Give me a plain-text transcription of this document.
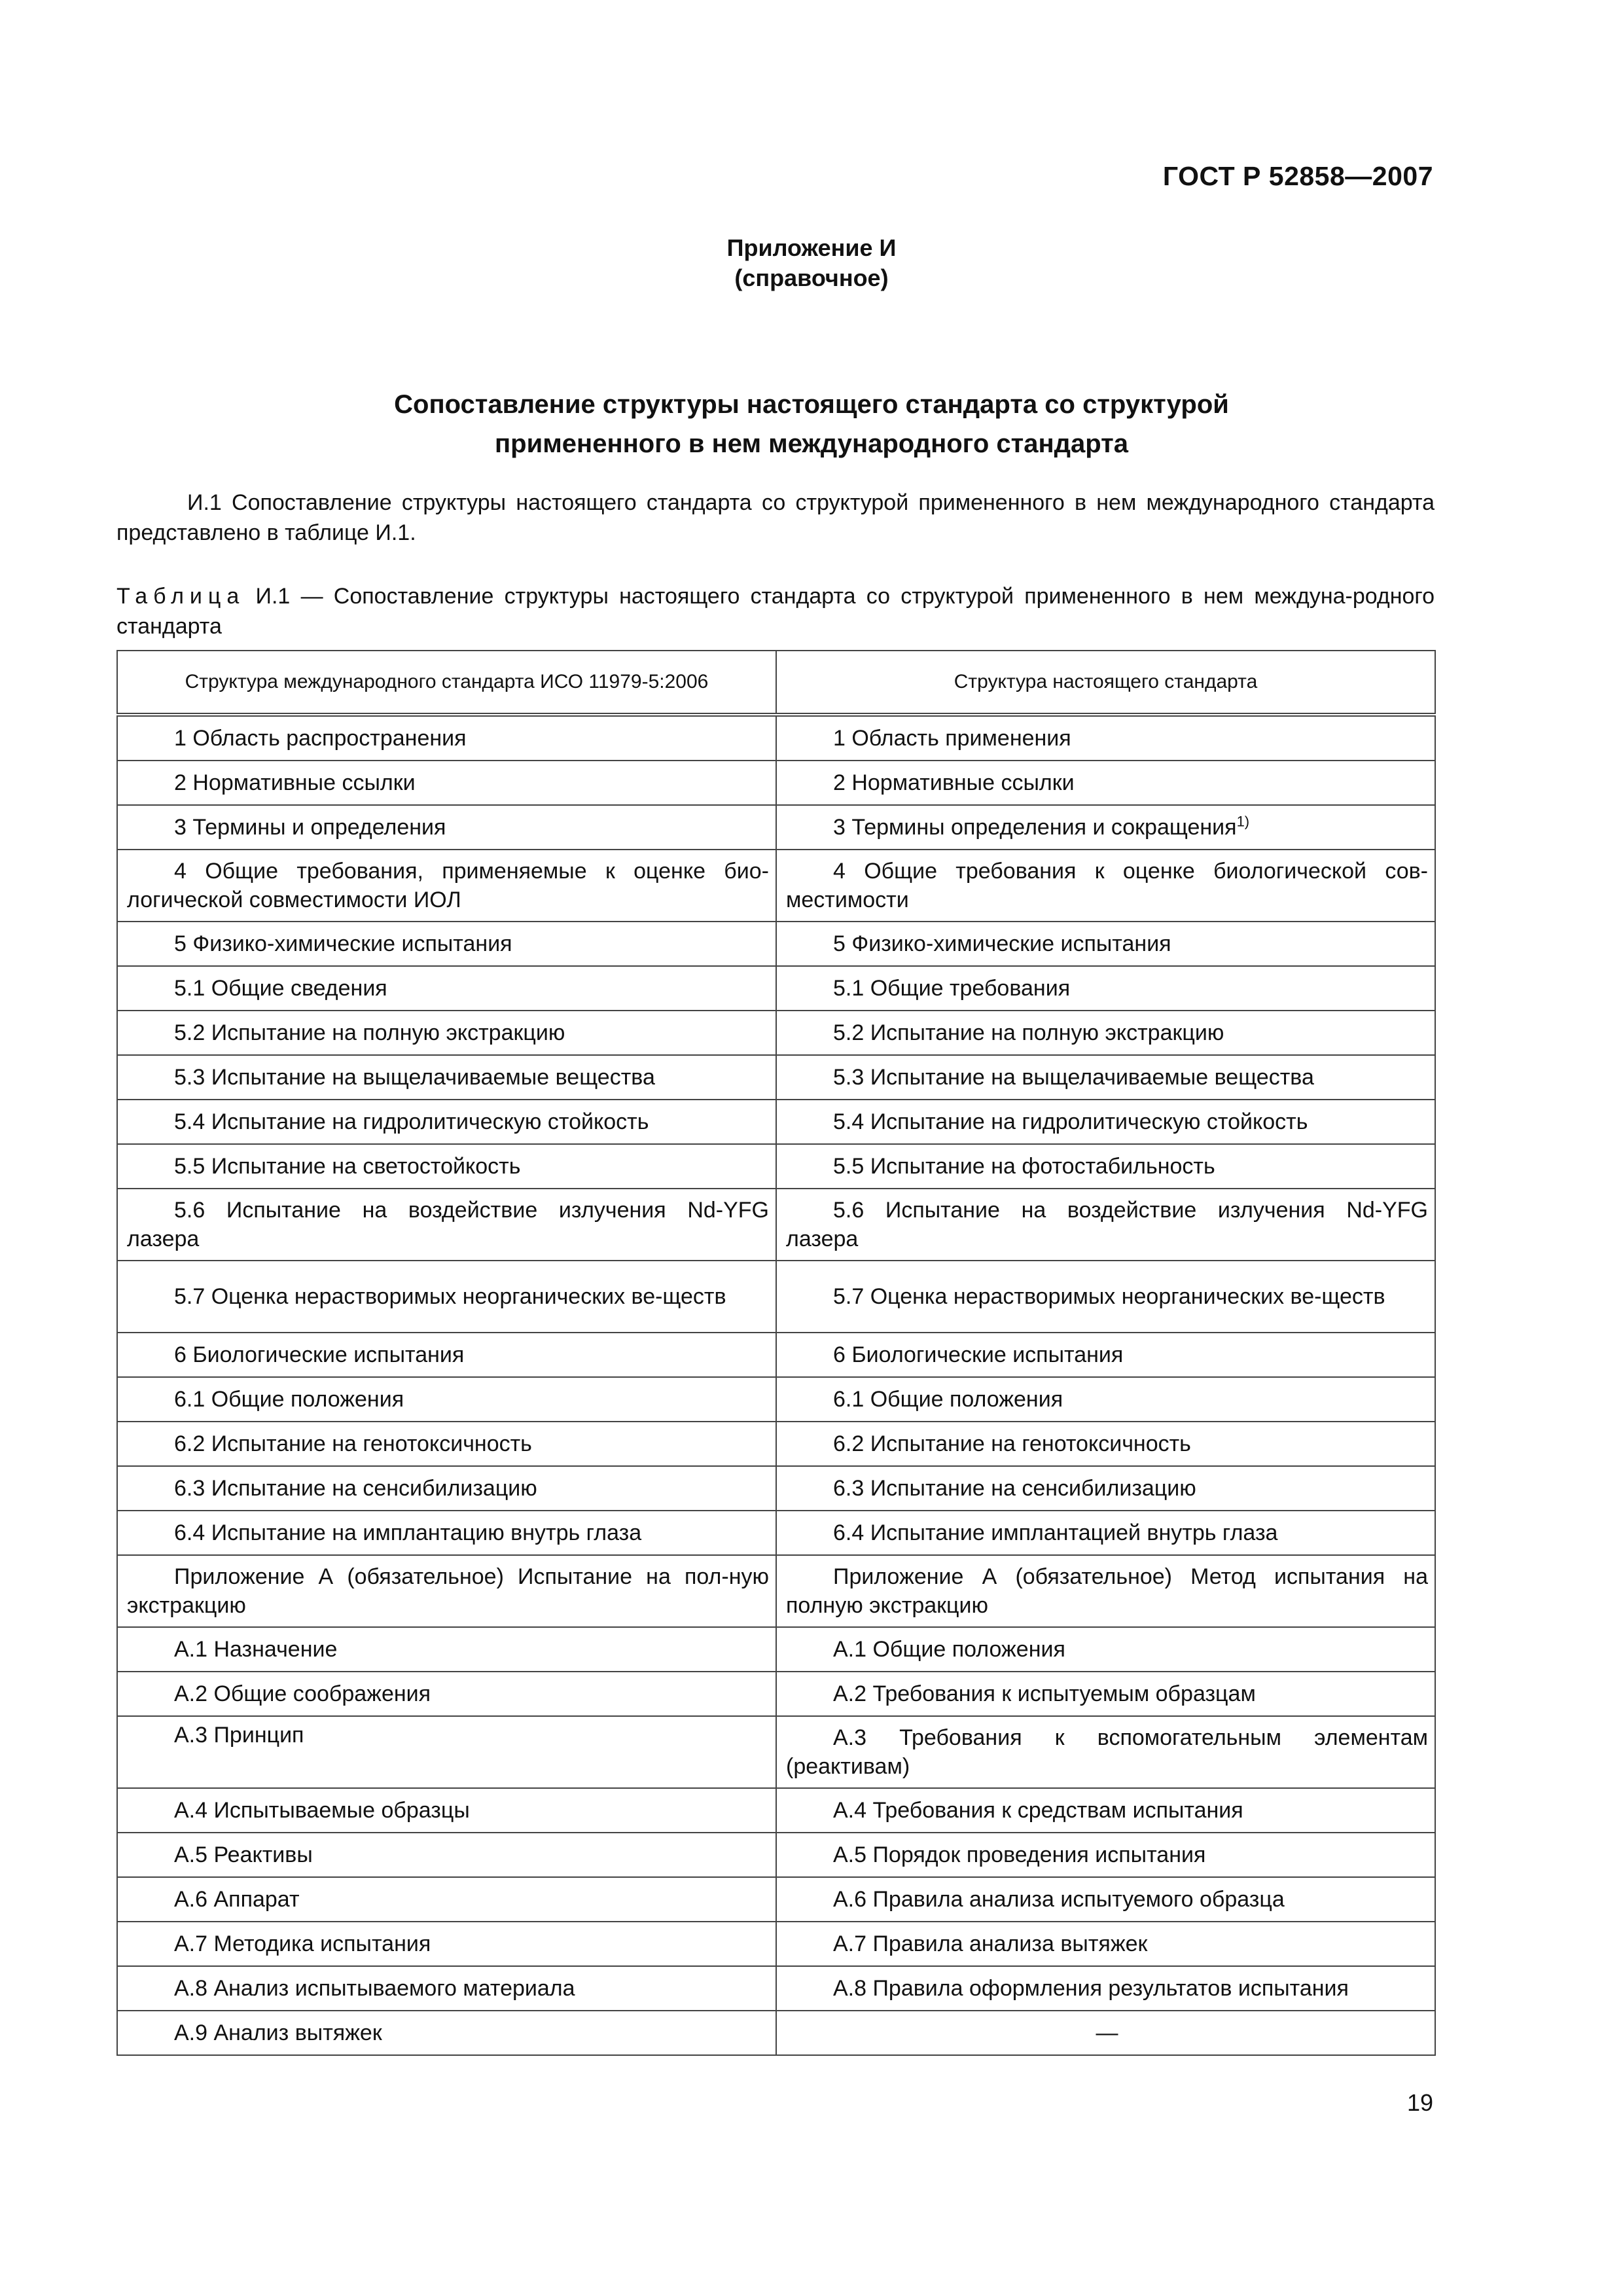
ГОСТ Р 52858—2007
Приложение И
(справочное)
Сопоставление структуры настоящего стандарта со структурой
примененного в нем международного стандарта
И.1 Сопоставление структуры настоящего стандарта со структурой примененного в нем международного стандарта представлено в таблице И.1.
Таблица И.1 — Сопоставление структуры настоящего стандарта со структурой примененного в нем междуна-родного стандарта
Структура международного стандарта ИСО 11979-5:2006	Структура настоящего стандарта
1 Область распространения	1 Область применения
2 Нормативные ссылки	2 Нормативные ссылки
3 Термины и определения	3 Термины определения и сокращения$^{1)}$
4 Общие требования, применяемые к оценке био-логической совместимости ИОЛ	4 Общие требования к оценке биологической сов-местимости
5 Физико-химические испытания	5 Физико-химические испытания
5.1 Общие сведения	5.1 Общие требования
5.2 Испытание на полную экстракцию	5.2 Испытание на полную экстракцию
5.3 Испытание на выщелачиваемые вещества	5.3 Испытание на выщелачиваемые вещества
5.4 Испытание на гидролитическую стойкость	5.4 Испытание на гидролитическую стойкость
5.5 Испытание на светостойкость	5.5 Испытание на фотостабильность
5.6 Испытание на воздействие излучения Nd-YFG лазера	5.6 Испытание на воздействие излучения Nd-YFG лазера
5.7 Оценка нерастворимых неорганических ве-ществ	5.7 Оценка нерастворимых неорганических ве-ществ
6 Биологические испытания	6 Биологические испытания
6.1 Общие положения	6.1 Общие положения
6.2 Испытание на генотоксичность	6.2 Испытание на генотоксичность
6.3 Испытание на сенсибилизацию	6.3 Испытание на сенсибилизацию
6.4 Испытание на имплантацию внутрь глаза	6.4 Испытание имплантацией внутрь глаза
Приложение А (обязательное) Испытание на пол-ную экстракцию	Приложение А (обязательное) Метод испытания на полную экстракцию
А.1 Назначение	А.1 Общие положения
А.2 Общие соображения	А.2 Требования к испытуемым образцам
А.3 Принцип	А.3 Требования к вспомогательным элементам (реактивам)
А.4 Испытываемые образцы	А.4 Требования к средствам испытания
А.5 Реактивы	А.5 Порядок проведения испытания
А.6 Аппарат	А.6 Правила анализа испытуемого образца
А.7 Методика испытания	А.7 Правила анализа вытяжек
А.8 Анализ испытываемого материала	А.8 Правила оформления результатов испытания
А.9 Анализ вытяжек	—
19
